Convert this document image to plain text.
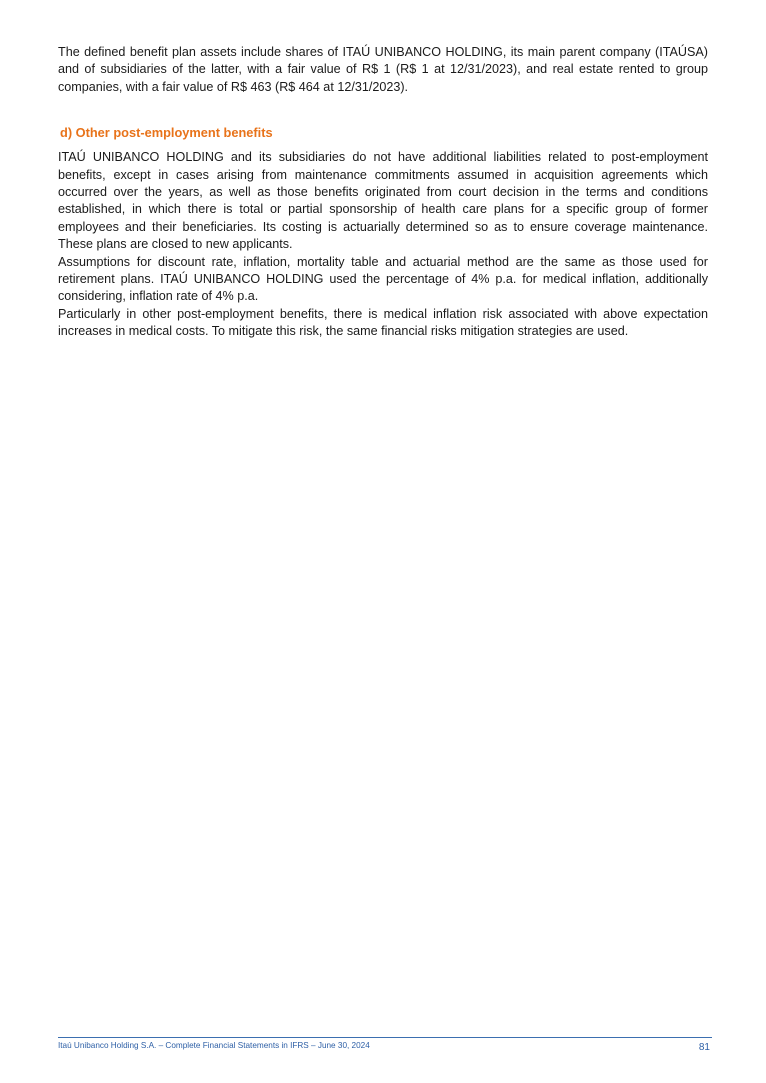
The defined benefit plan assets include shares of ITAÚ UNIBANCO HOLDING, its main parent company (ITAÚSA) and of subsidiaries of the latter, with a fair value of R$ 1 (R$ 1 at 12/31/2023), and real estate rented to group companies, with a fair value of R$ 463 (R$ 464 at 12/31/2023).

d) Other post-employment benefits

ITAÚ UNIBANCO HOLDING and its subsidiaries do not have additional liabilities related to post-employment benefits, except in cases arising from maintenance commitments assumed in acquisition agreements which occurred over the years, as well as those benefits originated from court decision in the terms and conditions established, in which there is total or partial sponsorship of health care plans for a specific group of former employees and their beneficiaries. Its costing is actuarially determined so as to ensure coverage maintenance. These plans are closed to new applicants.

Assumptions for discount rate, inflation, mortality table and actuarial method are the same as those used for retirement plans. ITAÚ UNIBANCO HOLDING used the percentage of 4% p.a. for medical inflation, additionally considering, inflation rate of 4% p.a.

Particularly in other post-employment benefits, there is medical inflation risk associated with above expectation increases in medical costs. To mitigate this risk, the same financial risks mitigation strategies are used.

Itaú Unibanco Holding S.A. – Complete Financial Statements in IFRS – June 30, 2024	81
